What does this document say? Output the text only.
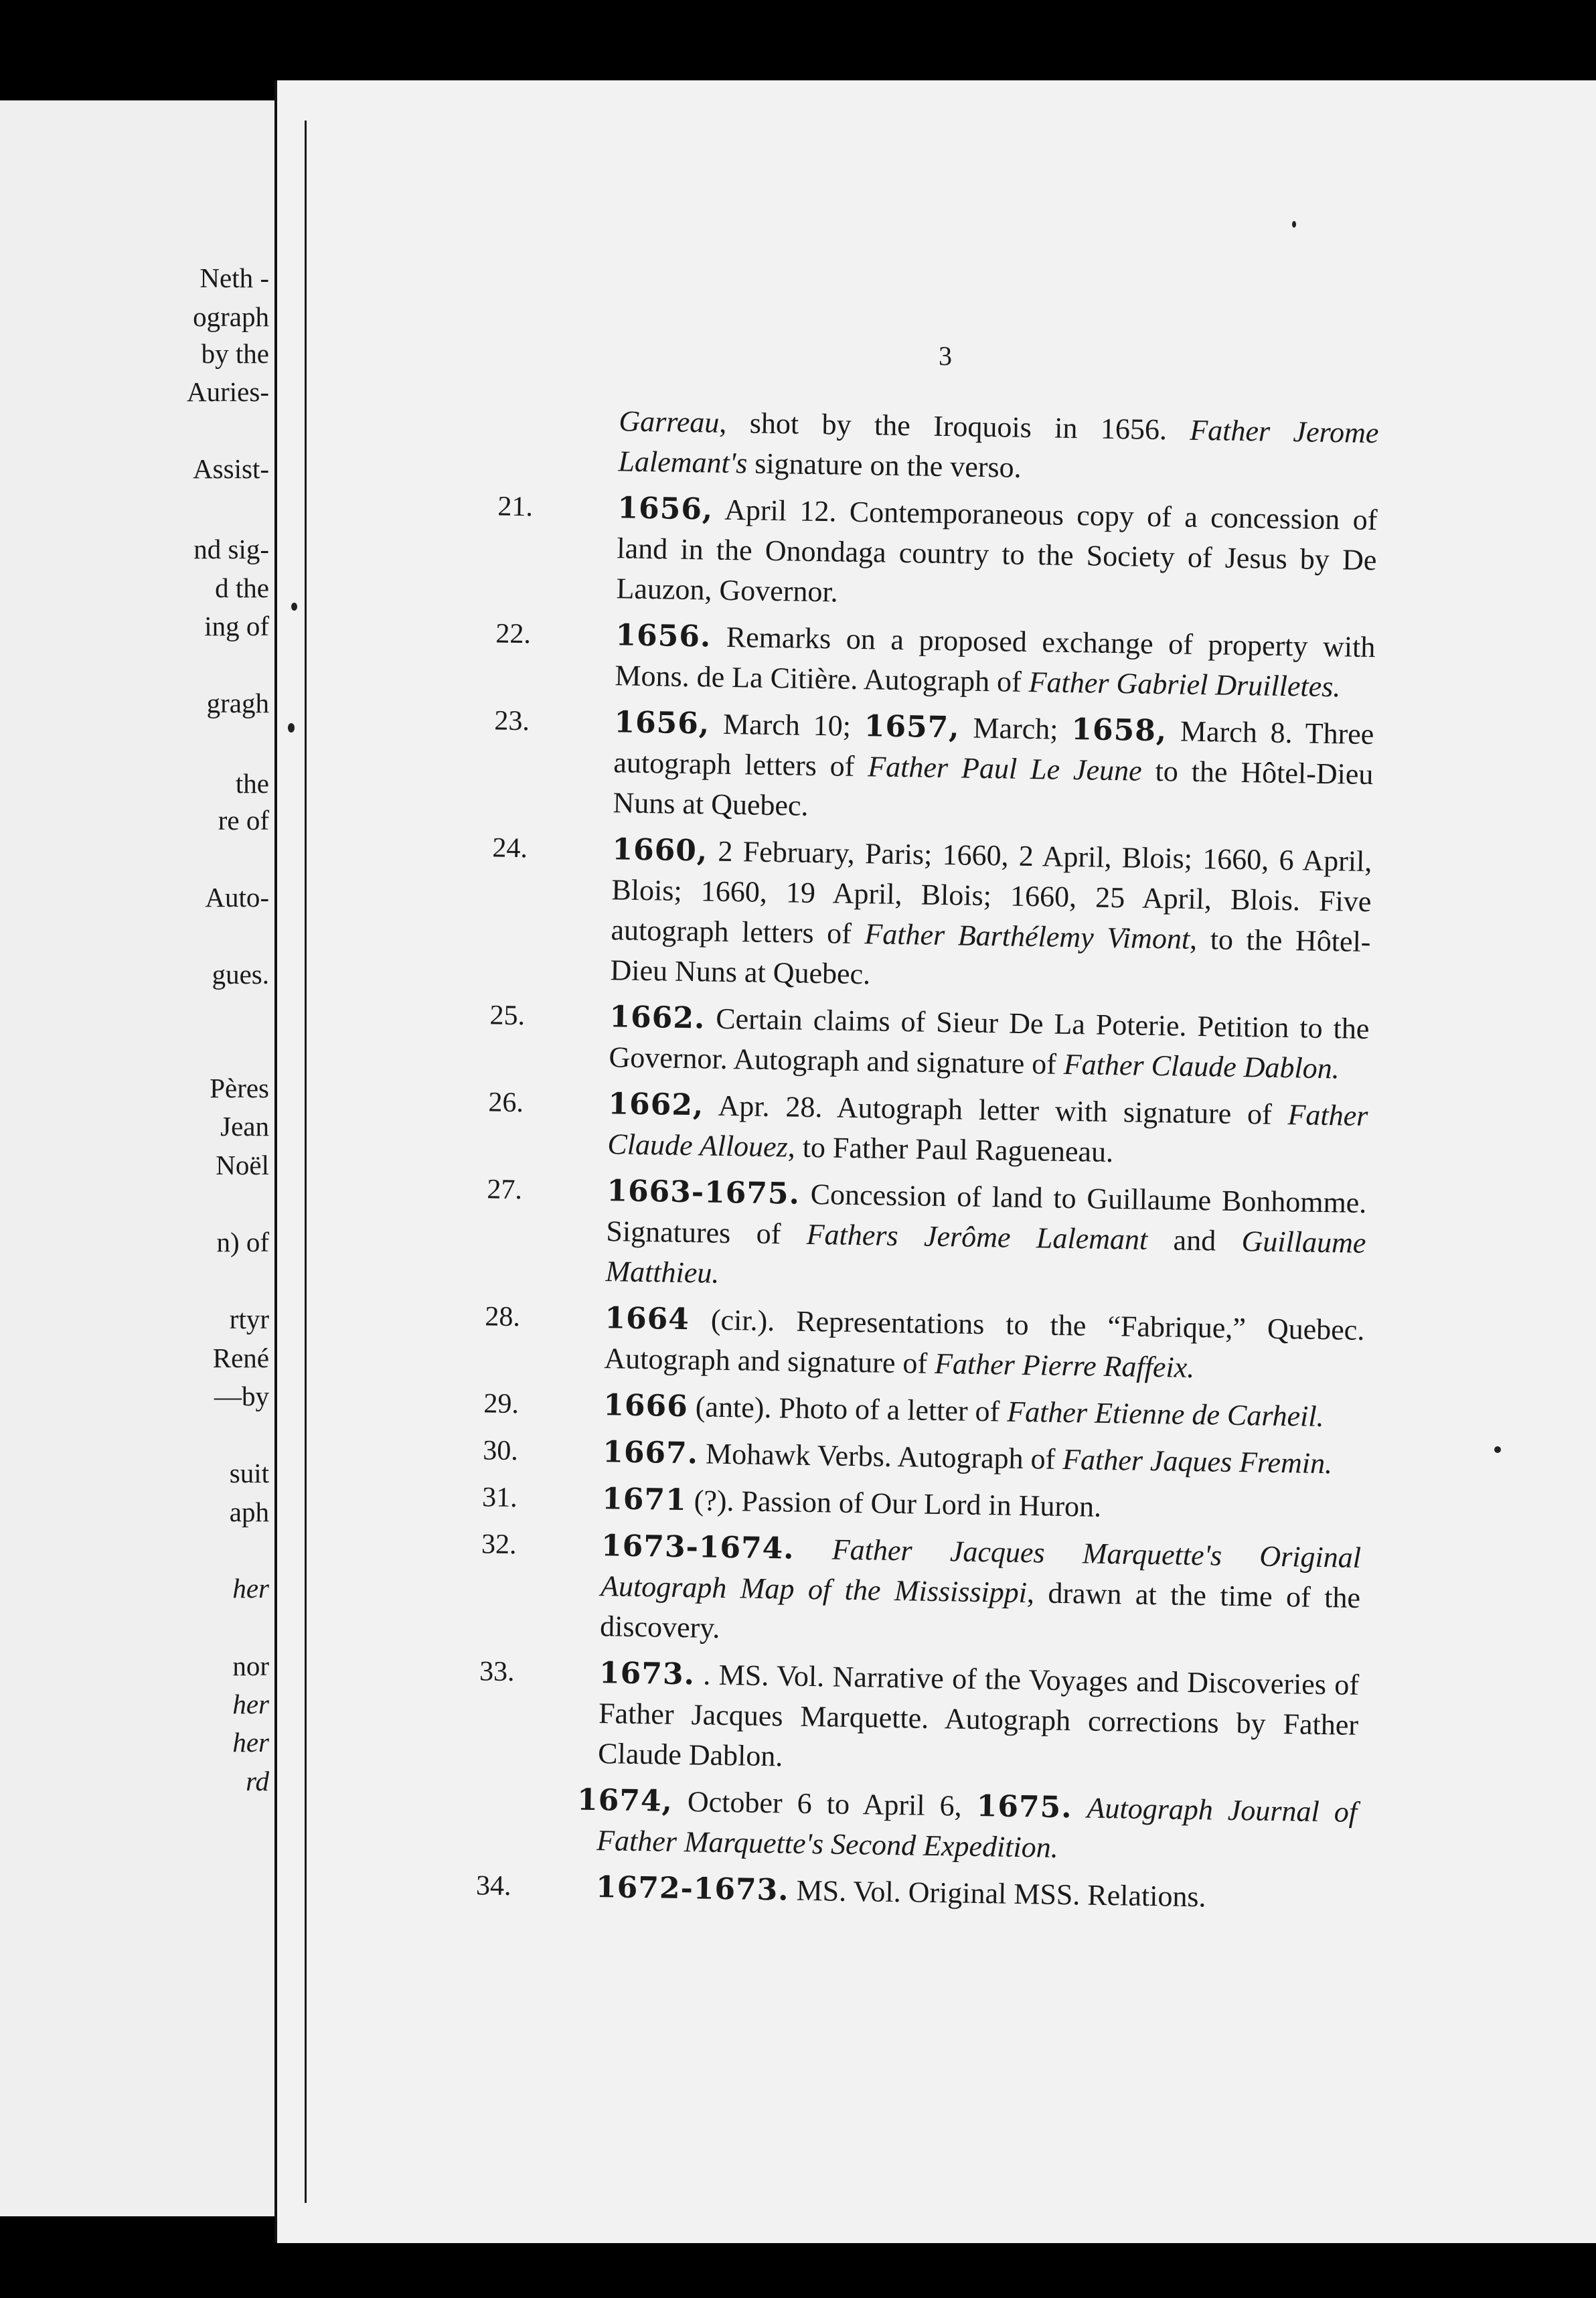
Neth -
ograph
by the
Auries-
Assist-
nd sig-
d the
ing of
gragh
the
re of
Auto-
gues.
Pères
Jean
Noël
n) of
rtyr
René
—by
suit
aph
her
nor
her
her
rd
3
Garreau, shot by the Iroquois in 1656. Father Jerome Lalemant's signature on the verso.
21.	1656, April 12. Contemporaneous copy of a concession of land in the Onondaga country to the Society of Jesus by De Lauzon, Governor.
22.	1656. Remarks on a proposed exchange of property with Mons. de La Citière. Autograph of Father Gabriel Druilletes.
23.	1656, March 10; 1657, March; 1658, March 8. Three autograph letters of Father Paul Le Jeune to the Hôtel-Dieu Nuns at Quebec.
24.	1660, 2 February, Paris; 1660, 2 April, Blois; 1660, 6 April, Blois; 1660, 19 April, Blois; 1660, 25 April, Blois. Five autograph letters of Father Barthélemy Vimont, to the Hôtel-Dieu Nuns at Quebec.
25.	1662. Certain claims of Sieur De La Poterie. Petition to the Governor. Autograph and signature of Father Claude Dablon.
26.	1662, Apr. 28. Autograph letter with signature of Father Claude Allouez, to Father Paul Ragueneau.
27.	1663-1675. Concession of land to Guillaume Bonhomme. Signatures of Fathers Jerôme Lalemant and Guillaume Matthieu.
28.	1664 (cir.). Representations to the “Fabrique,” Quebec. Autograph and signature of Father Pierre Raffeix.
29.	1666 (ante). Photo of a letter of Father Etienne de Carheil.
30.	1667. Mohawk Verbs. Autograph of Father Jaques Fremin.
31.	1671 (?). Passion of Our Lord in Huron.
32.	1673-1674. Father Jacques Marquette's Original Autograph Map of the Mississippi, drawn at the time of the discovery.
33.	1673. . MS. Vol. Narrative of the Voyages and Discoveries of Father Jacques Marquette. Autograph corrections by Father Claude Dablon.
1674, October 6 to April 6, 1675. Autograph Journal of Father Marquette's Second Expedition.
34.	1672-1673. MS. Vol. Original MSS. Relations.
